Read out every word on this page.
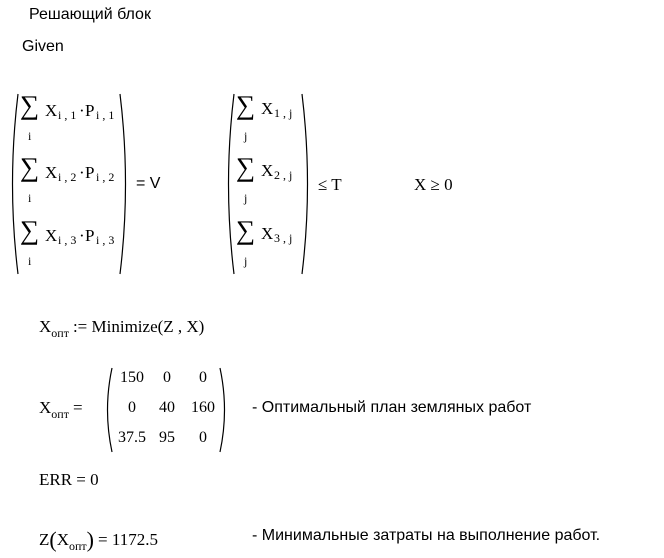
Решающий блок
Given
∑
i
X i , 1 · P i , 1
∑
i
X i , 2 · P i , 2
∑
i
X i , 3 · P i , 3
= V
∑
j
X 1 , j
∑
j
X 2 , j
∑
j
X 3 , j
≤ T	X ≥ 0
$X_{опт}$ := Minimize(Z , X)
$X_{опт}$ =
150	0	0
0	40	160
37.5 95	0
- Оптимальный план земляных работ
ERR = 0
$Z(X_{опт}) = 1172.5$	- Минимальные затраты на выполнение работ.
